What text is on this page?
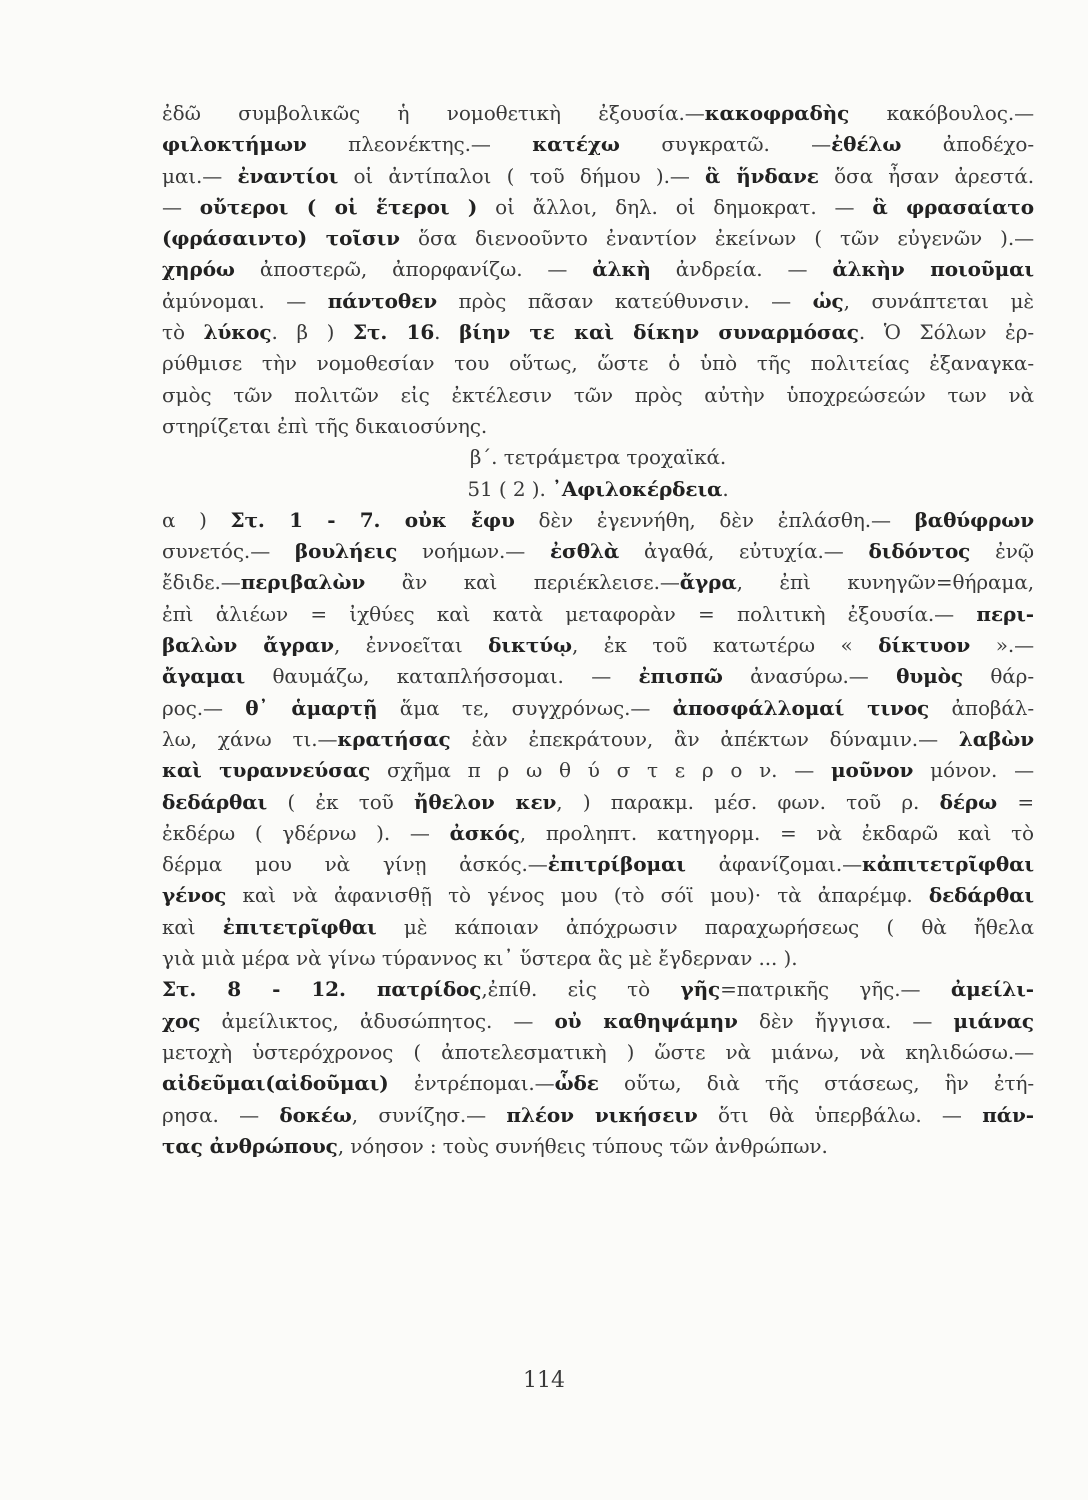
ἐδῶ συμβολικῶς ἡ νομοθετικὴ ἐξουσία.—κακοφραδὴς κακόβουλος.—
φιλοκτήμων πλεονέκτης.— κατέχω συγκρατῶ. —ἐθέλω ἀποδέχο-
μαι.— ἐναντίοι οἱ ἀντίπαλοι ( τοῦ δήμου ).— ἃ ἥνδανε ὅσα ἦσαν ἀρεστά.
— οὔτεροι ( οἱ ἕτεροι ) οἱ ἄλλοι, δηλ. οἱ δημοκρατ. — ἃ φρασαίατο
(φράσαιντο) τοῖσιν ὅσα διενοοῦντο ἐναντίον ἐκείνων ( τῶν εὐγενῶν ).—
χηρόω ἀποστερῶ, ἀπορφανίζω. — ἀλκὴ ἀνδρεία. — ἀλκὴν ποιοῦμαι
ἀμύνομαι. — πάντοθεν πρὸς πᾶσαν κατεύθυνσιν. — ὡς, συνάπτεται μὲ
τὸ λύκος. β ) Στ. 16. βίην τε καὶ δίκην συναρμόσας. Ὁ Σόλων ἐρ-
ρύθμισε τὴν νομοθεσίαν του οὕτως, ὥστε ὁ ὑπὸ τῆς πολιτείας ἐξαναγκα-
σμὸς τῶν πολιτῶν εἰς ἐκτέλεσιν τῶν πρὸς αὐτὴν ὑποχρεώσεών των νὰ
στηρίζεται ἐπὶ τῆς δικαιοσύνης.
β΄. τετράμετρα τροχαϊκά.
51 ( 2 ). ᾿Αφιλοκέρδεια.
α ) Στ. 1 - 7. οὐκ ἔφυ δὲν ἐγεννήθη, δὲν ἐπλάσθη.— βαθύφρων
συνετός.— βουλήεις νοήμων.— ἐσθλὰ ἀγαθά, εὐτυχία.— διδόντος ἐνῷ
ἔδιδε.—περιβαλὼν ἂν καὶ περιέκλεισε.—ἄγρα, ἐπὶ κυνηγῶν=θήραμα,
ἐπὶ ἁλιέων = ἰχθύες καὶ κατὰ μεταφορὰν = πολιτικὴ ἐξουσία.— περι-
βαλὼν ἄγραν, ἐννοεῖται δικτύῳ, ἐκ τοῦ κατωτέρω « δίκτυον ».—
ἄγαμαι θαυμάζω, καταπλήσσομαι. — ἐπισπῶ ἀνασύρω.— θυμὸς θάρ-
ρος.— θ᾿ ἁμαρτῇ ἅμα τε, συγχρόνως.— ἀποσφάλλομαί τινος ἀποβάλ-
λω, χάνω τι.—κρατήσας ἐὰν ἐπεκράτουν, ἂν ἀπέκτων δύναμιν.— λαβὼν
καὶ τυραννεύσας σχῆμα π ρ ω θ ύ σ τ ε ρ ο ν. — μοῦνον μόνον. —
δεδάρθαι ( ἐκ τοῦ ἤθελον κεν, ) παρακμ. μέσ. φων. τοῦ ρ. δέρω =
ἐκδέρω ( γδέρνω ). — ἀσκός, προληπτ. κατηγορμ. = νὰ ἐκδαρῶ καὶ τὸ
δέρμα μου νὰ γίνῃ ἀσκός.—ἐπιτρίβομαι ἀφανίζομαι.—κἀπιτετρῖφθαι
γένος καὶ νὰ ἀφανισθῇ τὸ γένος μου (τὸ σόϊ μου)· τὰ ἀπαρέμφ. δεδάρθαι
καὶ ἐπιτετρῖφθαι μὲ κάποιαν ἀπόχρωσιν παραχωρήσεως ( θὰ ἤθελα
γιὰ μιὰ μέρα νὰ γίνω τύραννος κι᾿ ὕστερα ἂς μὲ ἔγδερναν ... ).
Στ. 8 - 12. πατρίδος,ἐπίθ. εἰς τὸ γῆς=πατρικῆς γῆς.— ἀμείλι-
χος ἀμείλικτος, ἀδυσώπητος. — οὐ καθηψάμην δὲν ἤγγισα. — μιάνας
μετοχὴ ὑστερόχρονος ( ἀποτελεσματικὴ ) ὥστε νὰ μιάνω, νὰ κηλιδώσω.—
αἰδεῦμαι(αἰδοῦμαι) ἐντρέπομαι.—ὧδε οὕτω, διὰ τῆς στάσεως, ἣν ἐτή-
ρησα. — δοκέω, συνίζησ.— πλέον νικήσειν ὅτι θὰ ὑπερβάλω. — πάν-
τας ἀνθρώπους, νόησον : τοὺς συνήθεις τύπους τῶν ἀνθρώπων.
114
